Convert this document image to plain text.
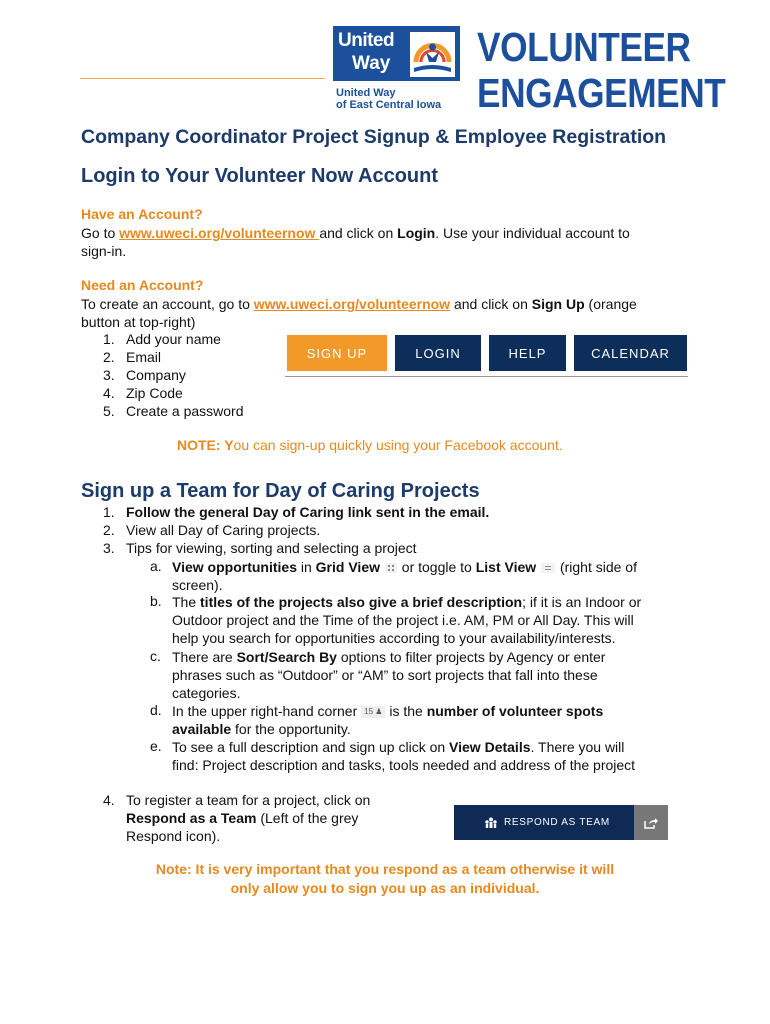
United
Way
United Way
of East Central Iowa
VOLUNTEER
ENGAGEMENT
Company Coordinator Project Signup & Employee Registration
Login to Your Volunteer Now Account
Have an Account?
Go to www.uweci.org/volunteernow and click on Login. Use your individual account to
sign-in.
Need an Account?
To create an account, go to www.uweci.org/volunteernow and click on Sign Up (orange
button at top-right)
1. Add your name
2. Email
3. Company
4. Zip Code
5. Create a password
SIGN UP	LOGIN	HELP	CALENDAR
NOTE: You can sign-up quickly using your Facebook account.
Sign up a Team for Day of Caring Projects
1. Follow the general Day of Caring link sent in the email.
2. View all Day of Caring projects.
3. Tips for viewing, sorting and selecting a project
a. View opportunities in Grid View  or toggle to List View  (right side of
screen).
b. The titles of the projects also give a brief description; if it is an Indoor or
Outdoor project and the Time of the project i.e. AM, PM or All Day. This will
help you search for opportunities according to your availability/interests.
c. There are Sort/Search By options to filter projects by Agency or enter
phrases such as “Outdoor” or “AM” to sort projects that fall into these
categories.
d. In the upper right-hand corner 15 ♟ is the number of volunteer spots
available for the opportunity.
e. To see a full description and sign up click on View Details. There you will
find: Project description and tasks, tools needed and address of the project
4. To register a team for a project, click on
Respond as a Team (Left of the grey
Respond icon).
RESPOND AS TEAM
Note: It is very important that you respond as a team otherwise it will
only allow you to sign you up as an individual.
